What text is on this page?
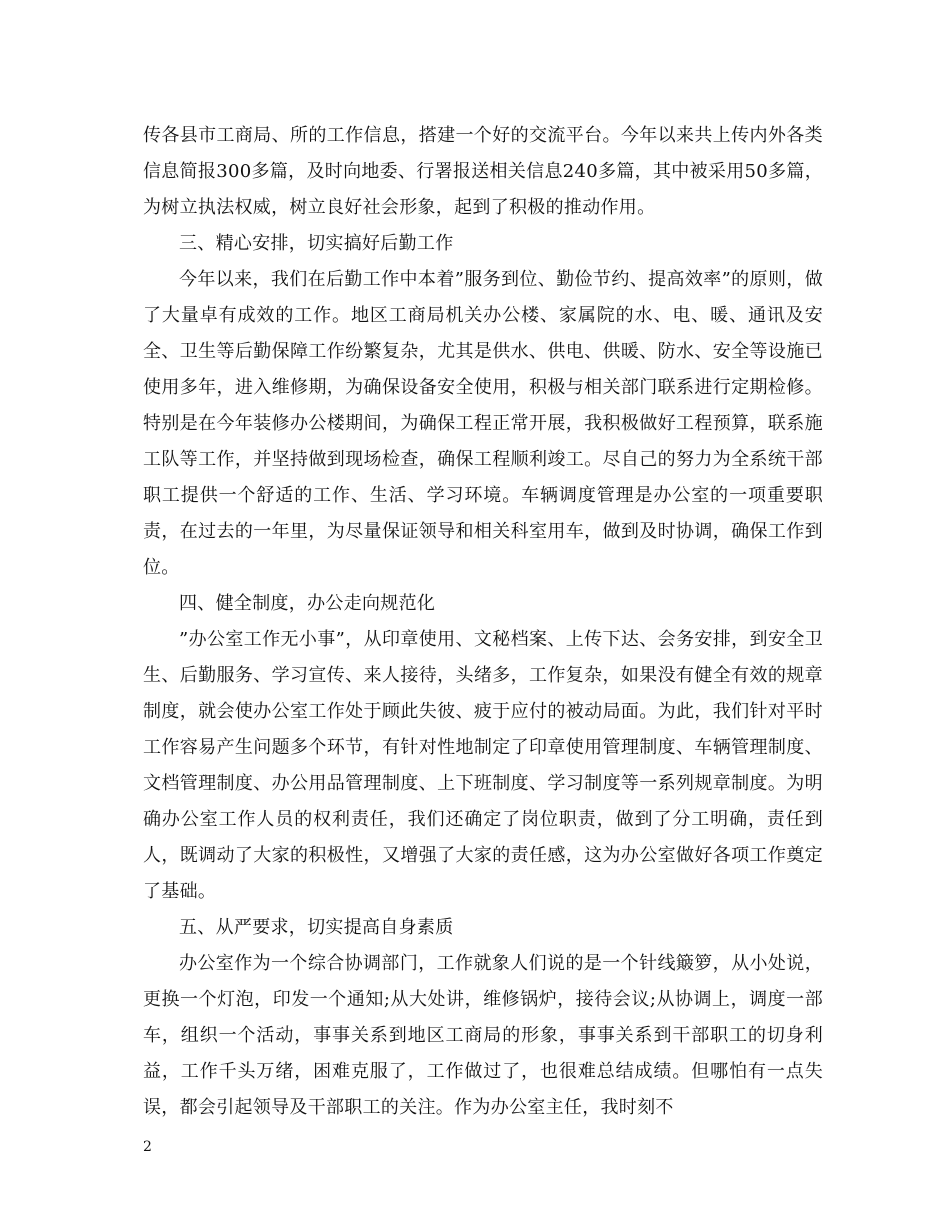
传各县市工商局、所的工作信息，搭建一个好的交流平台。今年以来共上传内外各类信息简报300多篇，及时向地委、行署报送相关信息240多篇，其中被采用50多篇，为树立执法权威，树立良好社会形象，起到了积极的推动作用。

三、精心安排，切实搞好后勤工作

今年以来，我们在后勤工作中本着”服务到位、勤俭节约、提高效率”的原则，做了大量卓有成效的工作。地区工商局机关办公楼、家属院的水、电、暖、通讯及安全、卫生等后勤保障工作纷繁复杂，尤其是供水、供电、供暖、防水、安全等设施已使用多年，进入维修期，为确保设备安全使用，积极与相关部门联系进行定期检修。特别是在今年装修办公楼期间，为确保工程正常开展，我积极做好工程预算，联系施工队等工作，并坚持做到现场检查，确保工程顺利竣工。尽自己的努力为全系统干部职工提供一个舒适的工作、生活、学习环境。车辆调度管理是办公室的一项重要职责，在过去的一年里，为尽量保证领导和相关科室用车，做到及时协调，确保工作到位。

四、健全制度，办公走向规范化

”办公室工作无小事”，从印章使用、文秘档案、上传下达、会务安排，到安全卫生、后勤服务、学习宣传、来人接待，头绪多，工作复杂，如果没有健全有效的规章制度，就会使办公室工作处于顾此失彼、疲于应付的被动局面。为此，我们针对平时工作容易产生问题多个环节，有针对性地制定了印章使用管理制度、车辆管理制度、文档管理制度、办公用品管理制度、上下班制度、学习制度等一系列规章制度。为明确办公室工作人员的权利责任，我们还确定了岗位职责，做到了分工明确，责任到人，既调动了大家的积极性，又增强了大家的责任感，这为办公室做好各项工作奠定了基础。

五、从严要求，切实提高自身素质

办公室作为一个综合协调部门，工作就象人们说的是一个针线簸箩，从小处说，更换一个灯泡，印发一个通知;从大处讲，维修锅炉，接待会议;从协调上，调度一部车，组织一个活动，事事关系到地区工商局的形象，事事关系到干部职工的切身利益，工作千头万绪，困难克服了，工作做过了，也很难总结成绩。但哪怕有一点失误，都会引起领导及干部职工的关注。作为办公室主任，我时刻不

2
